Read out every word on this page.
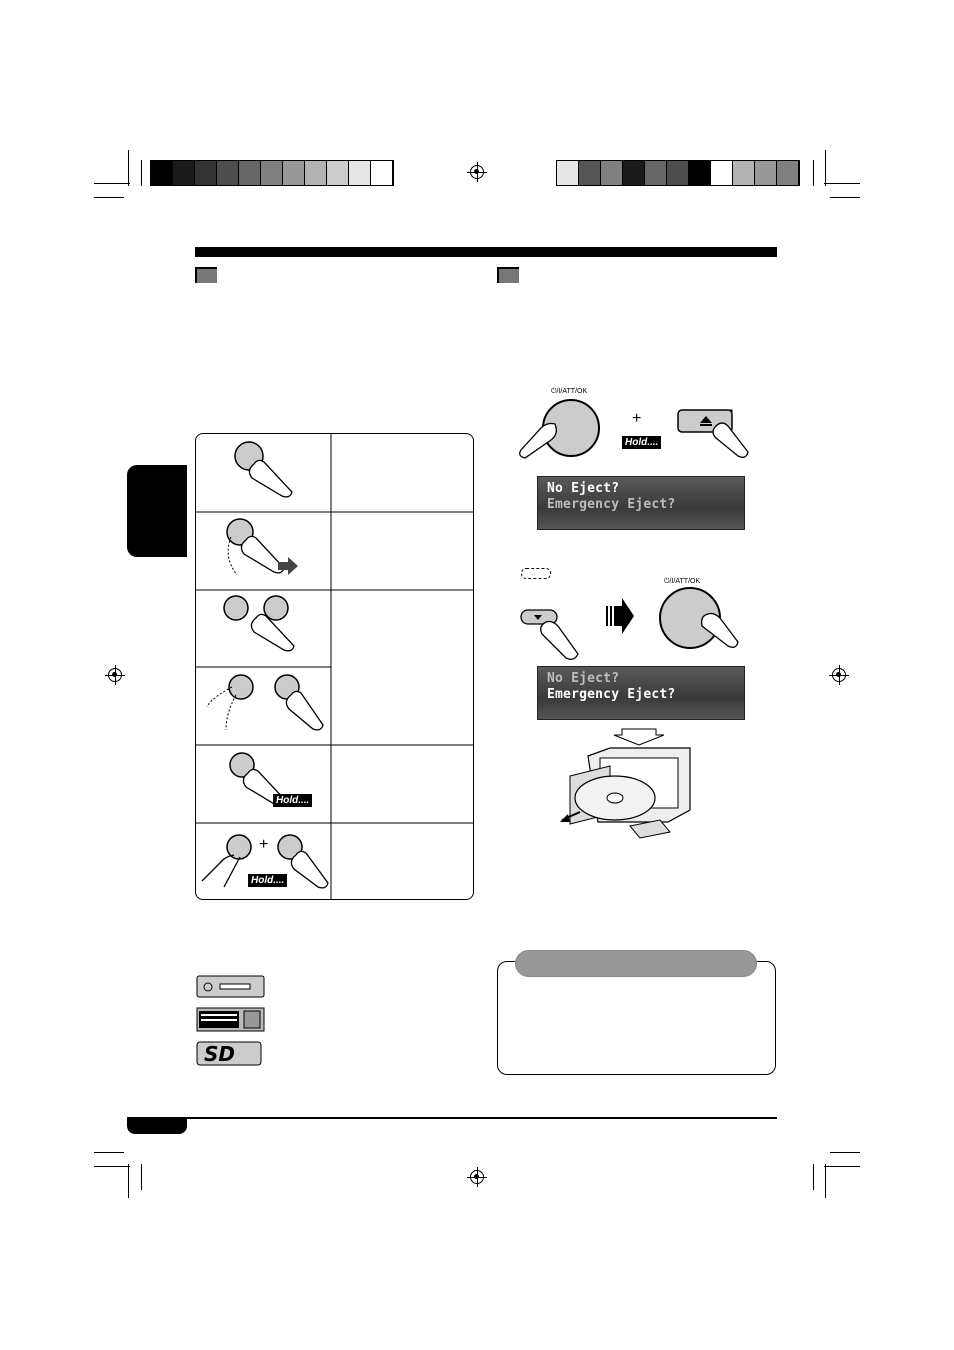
Hold....
+
Hold....
SD
⏻/I/ATT/OK
+
Hold....
No Eject?
Emergency Eject?
⏻/I/ATT/OK
No Eject?
Emergency Eject?
